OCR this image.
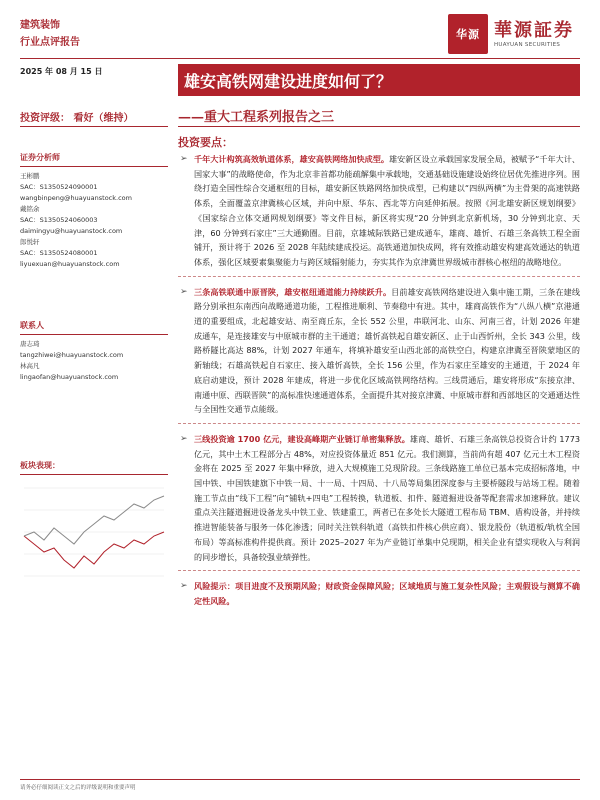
建筑装饰
行业点评报告
华源 華源証券
HUAYUAN SECURITIES
2025 年 08 月 15 日	雄安高铁网建设进度如何了？
投资评级： 看好（维持）	——重大工程系列报告之三
投资要点：
证券分析师
王彬鹏
SAC：S1350524090001
wangbinpeng@huayuanstock.com
戴铭余
SAC：S1350524060003
daimingyu@huayuanstock.com
郎悦轩
SAC：S1350524080001
liyuexuan@huayuanstock.com
联系人
唐志琦
tangzhiwei@huayuanstock.com
林高凡
lingaofan@huayuanstock.com
板块表现：
➢ 千年大计构筑高效轨道体系，雄安高铁网络加快成型。雄安新区设立承载国家发展全局，被赋予“千年大计、国家大事”的战略使命，作为北京非首都功能疏解集中承载地，交通基础设施建设始终位居优先推进序列。围绕打造全国性综合交通枢纽的目标，雄安新区铁路网络加快成型，已构建以“四纵两横”为主骨架的高速铁路体系，全面覆盖京津冀核心区域，并向中原、华东、西北等方向延伸拓展。按照《河北雄安新区规划纲要》《国家综合立体交通网规划纲要》等文件目标，新区将实现“20 分钟到北京新机场，30 分钟到北京、天津，60 分钟到石家庄”三大通勤圈。目前，京雄城际铁路已建成通车，雄商、雄忻、石雄三条高铁工程全面铺开，预计将于 2026 至 2028 年陆续建成投运。高铁通道加快成网，将有效推动雄安构建高效通达的轨道体系，强化区域要素集聚能力与跨区域辐射能力，夯实其作为京津冀世界级城市群核心枢纽的战略地位。
➢ 三条高铁联通中原晋陕，雄安枢纽通道能力持续跃升。目前雄安高铁网络建设进入集中施工期，三条在建线路分别承担东南西向战略通道功能，工程推进顺利、节奏稳中有进。其中，雄商高铁作为“八纵八横”京港通道的重要组成，北起雄安站、南至商丘东，全长 552 公里，串联河北、山东、河南三省，计划 2026 年建成通车，是连接雄安与中原城市群的主干通道；雄忻高铁起自雄安新区、止于山西忻州，全长 343 公里，线路桥隧比高达 88%，计划 2027 年通车，将填补雄安至山西北部的高铁空白，构建京津冀至晋陕蒙地区的新轴线；石雄高铁起自石家庄、接入雄忻高铁，全长 156 公里，作为石家庄至雄安的主通道，于 2024 年底启动建设，预计 2028 年建成，将进一步优化区域高铁网络结构。三线贯通后，雄安将形成“东接京津、南通中原、西联晋陕”的高标准快速通道体系，全面提升其对接京津冀、中原城市群和西部地区的交通通达性与全国性交通节点能级。
➢ 三线投资逾 1700 亿元，建设高峰期产业链订单密集释放。雄商、雄忻、石雄三条高铁总投资合计约 1773 亿元，其中土木工程部分占 48%，对应投资体量近 851 亿元。我们测算，当前尚有超 407 亿元土木工程资金将在 2025 至 2027 年集中释放，进入大规模施工兑现阶段。三条线路施工单位已基本完成招标落地，中国中铁、中国铁建旗下中铁一局、十一局、十四局、十八局等局集团深度参与主要桥隧段与站场工程。随着施工节点由“线下工程”向“铺轨+四电”工程转换，轨道板、扣件、隧道掘进设备等配套需求加速释放。建议重点关注隧道掘进设备龙头中铁工业、铁建重工，两者已在多处长大隧道工程布局 TBM、盾构设备，并持续推进智能装备与服务一体化渗透；同时关注铁科轨道（高铁扣件核心供应商）、银龙股份（轨道板/轨枕全国布局）等高标准构件提供商。预计 2025–2027 年为产业链订单集中兑现期，相关企业有望实现收入与利润的同步增长，具备较强业绩弹性。
➢ 风险提示：项目进度不及预期风险；财政资金保障风险；区域地质与施工复杂性风险；主观假设与测算不确定性风险。
请务必仔细阅读正文之后的评级说明和重要声明
